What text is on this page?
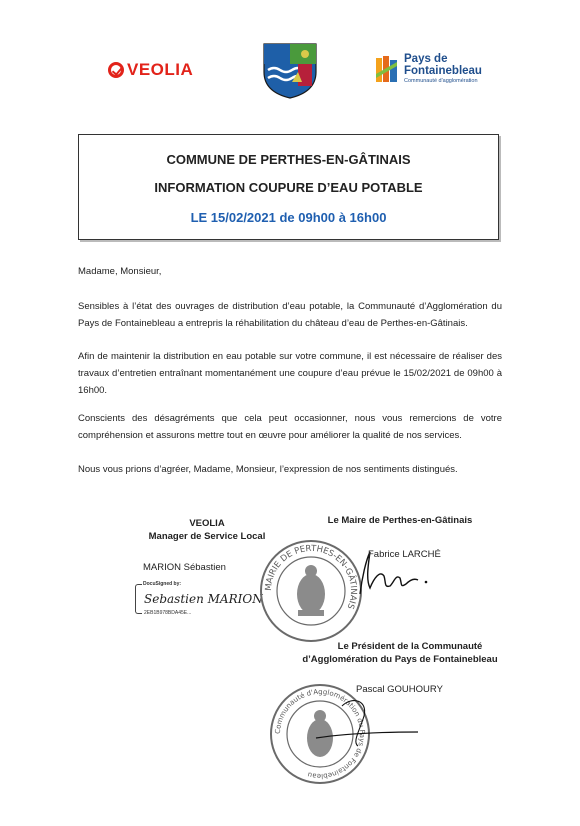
VEOLIA
Pays de
Fontainebleau
Communauté d'agglomération
COMMUNE DE PERTHES-EN-GÂTINAIS
INFORMATION COUPURE D’EAU POTABLE
LE 15/02/2021 de 09h00 à 16h00
Madame, Monsieur,
Sensibles à l’état des ouvrages de distribution d’eau potable, la Communauté d’Agglomération du Pays de Fontainebleau a entrepris la réhabilitation du château d’eau de Perthes-en-Gâtinais.
Afin de maintenir la distribution en eau potable sur votre commune, il est nécessaire de réaliser des travaux d’entretien entraînant momentanément une coupure d’eau prévue le 15/02/2021 de 09h00 à 16h00.
Conscients des désagréments que cela peut occasionner, nous vous remercions de votre compréhension et assurons mettre tout en œuvre pour améliorer la qualité de nos services.
Nous vous prions d’agréer, Madame, Monsieur, l’expression de nos sentiments distingués.
VEOLIA
Manager de Service Local
MARION Sébastien
DocuSigned by:
Sebastien MARION
2EB1B978BDA45E...
Le Maire de Perthes-en-Gâtinais
MAIRIE DE PERTHES-EN-GÂTINAIS
Fabrice LARCHÉ
Le Président de la Communauté
d’Agglomération du Pays de Fontainebleau
Communauté d'Agglomération du Pays de Fontainebleau
Pascal GOUHOURY
